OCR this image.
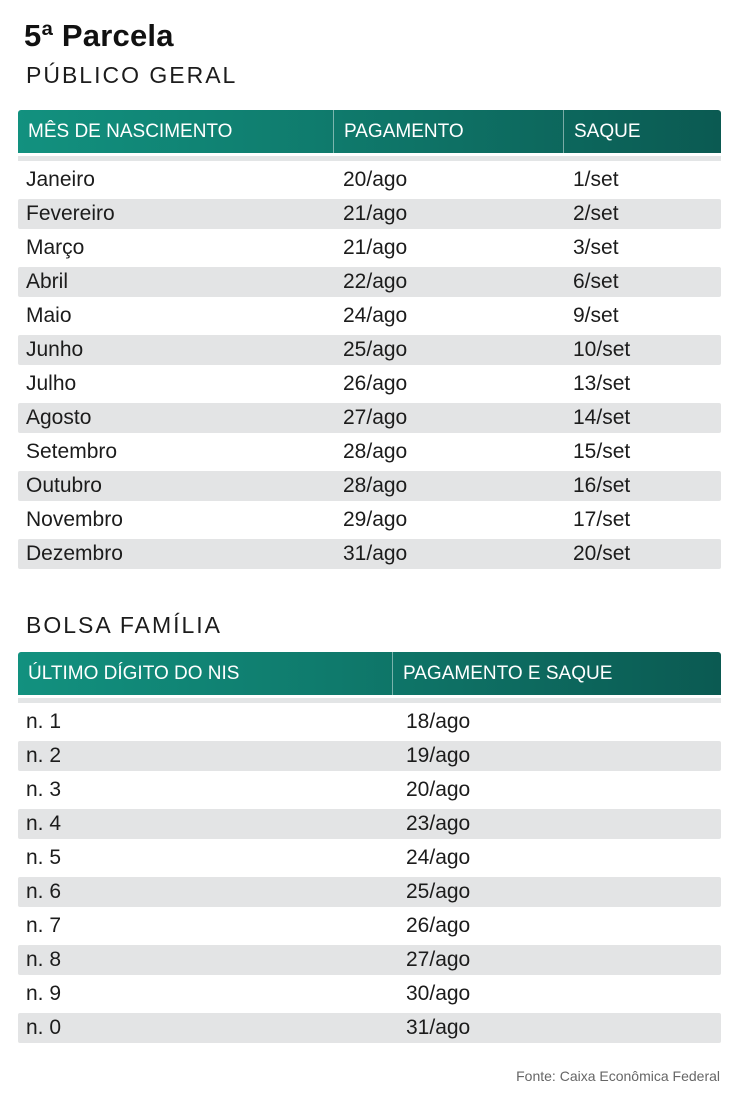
5ª Parcela
PÚBLICO GERAL
MÊS DE NASCIMENTO	PAGAMENTO	SAQUE
Janeiro	20/ago	1/set
Fevereiro	21/ago	2/set
Março	21/ago	3/set
Abril	22/ago	6/set
Maio	24/ago	9/set
Junho	25/ago	10/set
Julho	26/ago	13/set
Agosto	27/ago	14/set
Setembro	28/ago	15/set
Outubro	28/ago	16/set
Novembro	29/ago	17/set
Dezembro	31/ago	20/set
BOLSA FAMÍLIA
ÚLTIMO DÍGITO DO NIS	PAGAMENTO E SAQUE
n. 1	18/ago
n. 2	19/ago
n. 3	20/ago
n. 4	23/ago
n. 5	24/ago
n. 6	25/ago
n. 7	26/ago
n. 8	27/ago
n. 9	30/ago
n. 0	31/ago
Fonte: Caixa Econômica Federal
